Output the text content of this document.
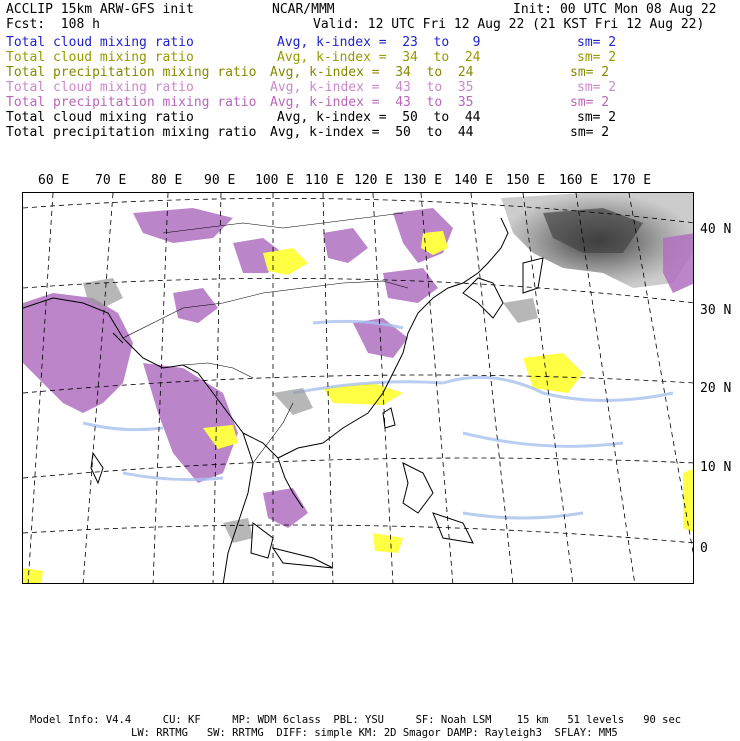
ACCLIP 15km ARW-GFS init	NCAR/MMM	Init: 00 UTC Mon 08 Aug 22
Fcst:  108 h	Valid: 12 UTC Fri 12 Aug 22 (21 KST Fri 12 Aug 22)
Total cloud mixing ratio	Avg, k-index =  23  to   9	sm= 2
Total cloud mixing ratio	Avg, k-index =  34  to  24	sm= 2
Total precipitation mixing ratio Avg, k-index =  34  to  24	sm= 2
Total cloud mixing ratio	Avg, k-index =  43  to  35	sm= 2
Total precipitation mixing ratio Avg, k-index =  43  to  35	sm= 2
Total cloud mixing ratio	Avg, k-index =  50  to  44	sm= 2
Total precipitation mixing ratio Avg, k-index =  50  to  44	sm= 2
60 E 70 E 80 E 90 E 100 E 110 E 120 E 130 E 140 E 150 E 160 E 170 E
40 N
30 N
20 N
10 N
0
Model Info: V4.4     CU: KF     MP: WDM 6class  PBL: YSU     SF: Noah LSM    15 km   51 levels   90 sec
LW: RRTMG   SW: RRTMG  DIFF: simple KM: 2D Smagor DAMP: Rayleigh3  SFLAY: MM5
